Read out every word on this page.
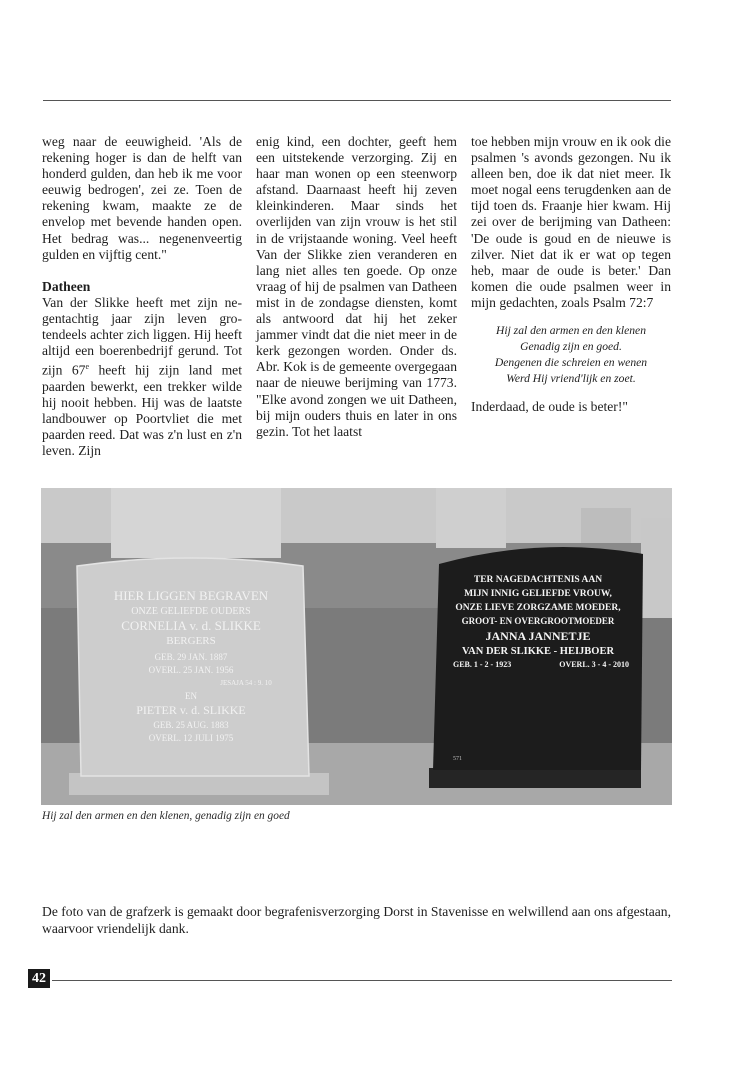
weg naar de eeuwigheid. 'Als de rekening hoger is dan de helft van honderd gulden, dan heb ik me voor eeuwig bedrogen', zei ze. Toen de rekening kwam, maakte ze de envelop met bevende handen open. Het bedrag was... negenenveertig gulden en vijftig cent."

Datheen

Van der Slikke heeft met zijn negentachtig jaar zijn leven grotendeels achter zich liggen. Hij heeft altijd een boerenbedrijf gerund. Tot zijn 67e heeft hij zijn land met paarden bewerkt, een trekker wilde hij nooit hebben. Hij was de laatste landbouwer op Poortvliet die met paarden reed. Dat was z'n lust en z'n leven. Zijn

enig kind, een dochter, geeft hem een uitstekende verzorging. Zij en haar man wonen op een steenworp afstand. Daarnaast heeft hij zeven kleinkinderen. Maar sinds het overlijden van zijn vrouw is het stil in de vrijstaande woning. Veel heeft Van der Slikke zien veranderen en lang niet alles ten goede. Op onze vraag of hij de psalmen van Datheen mist in de zondagse diensten, komt als antwoord dat hij het zeker jammer vindt dat die niet meer in de kerk gezongen worden. Onder ds. Abr. Kok is de gemeente overgegaan naar de nieuwe berijming van 1773. "Elke avond zongen we uit Datheen, bij mijn ouders thuis en later in ons gezin. Tot het laatst

toe hebben mijn vrouw en ik ook die psalmen 's avonds gezongen. Nu ik alleen ben, doe ik dat niet meer. Ik moet nogal eens terugdenken aan de tijd toen ds. Fraanje hier kwam. Hij zei over de berijming van Datheen: 'De oude is goud en de nieuwe is zilver. Niet dat ik er wat op tegen heb, maar de oude is beter.' Dan komen die oude psalmen weer in mijn gedachten, zoals Psalm 72:7

Hij zal den armen en den klenen
Genadig zijn en goed.
Dengenen die schreien en wenen
Werd Hij vriend'lijk en zoet.

Inderdaad, de oude is beter!"

HIER LIGGEN BEGRAVEN
ONZE GELIEFDE OUDERS
CORNELIA v. d. SLIKKE
BERGERS
GEB. 29 JAN. 1887
OVERL. 25 JAN. 1956
JESAJA 54 : 9. 10
EN
PIETER v. d. SLIKKE
GEB. 25 AUG. 1883
OVERL. 12 JULI 1975
TER NAGEDACHTENIS AAN
MIJN INNIG GELIEFDE VROUW,
ONZE LIEVE ZORGZAME MOEDER,
GROOT- EN OVERGROOTMOEDER
JANNA JANNETJE
VAN DER SLIKKE - HEIJBOER
GEB. 1 - 2 - 1923	OVERL. 3 - 4 - 2010
571
Hij zal den armen en den klenen, genadig zijn en goed
De foto van de grafzerk is gemaakt door begrafenisverzorging Dorst in Stavenisse en welwillend aan ons afgestaan, waarvoor vriendelijk dank.
42
